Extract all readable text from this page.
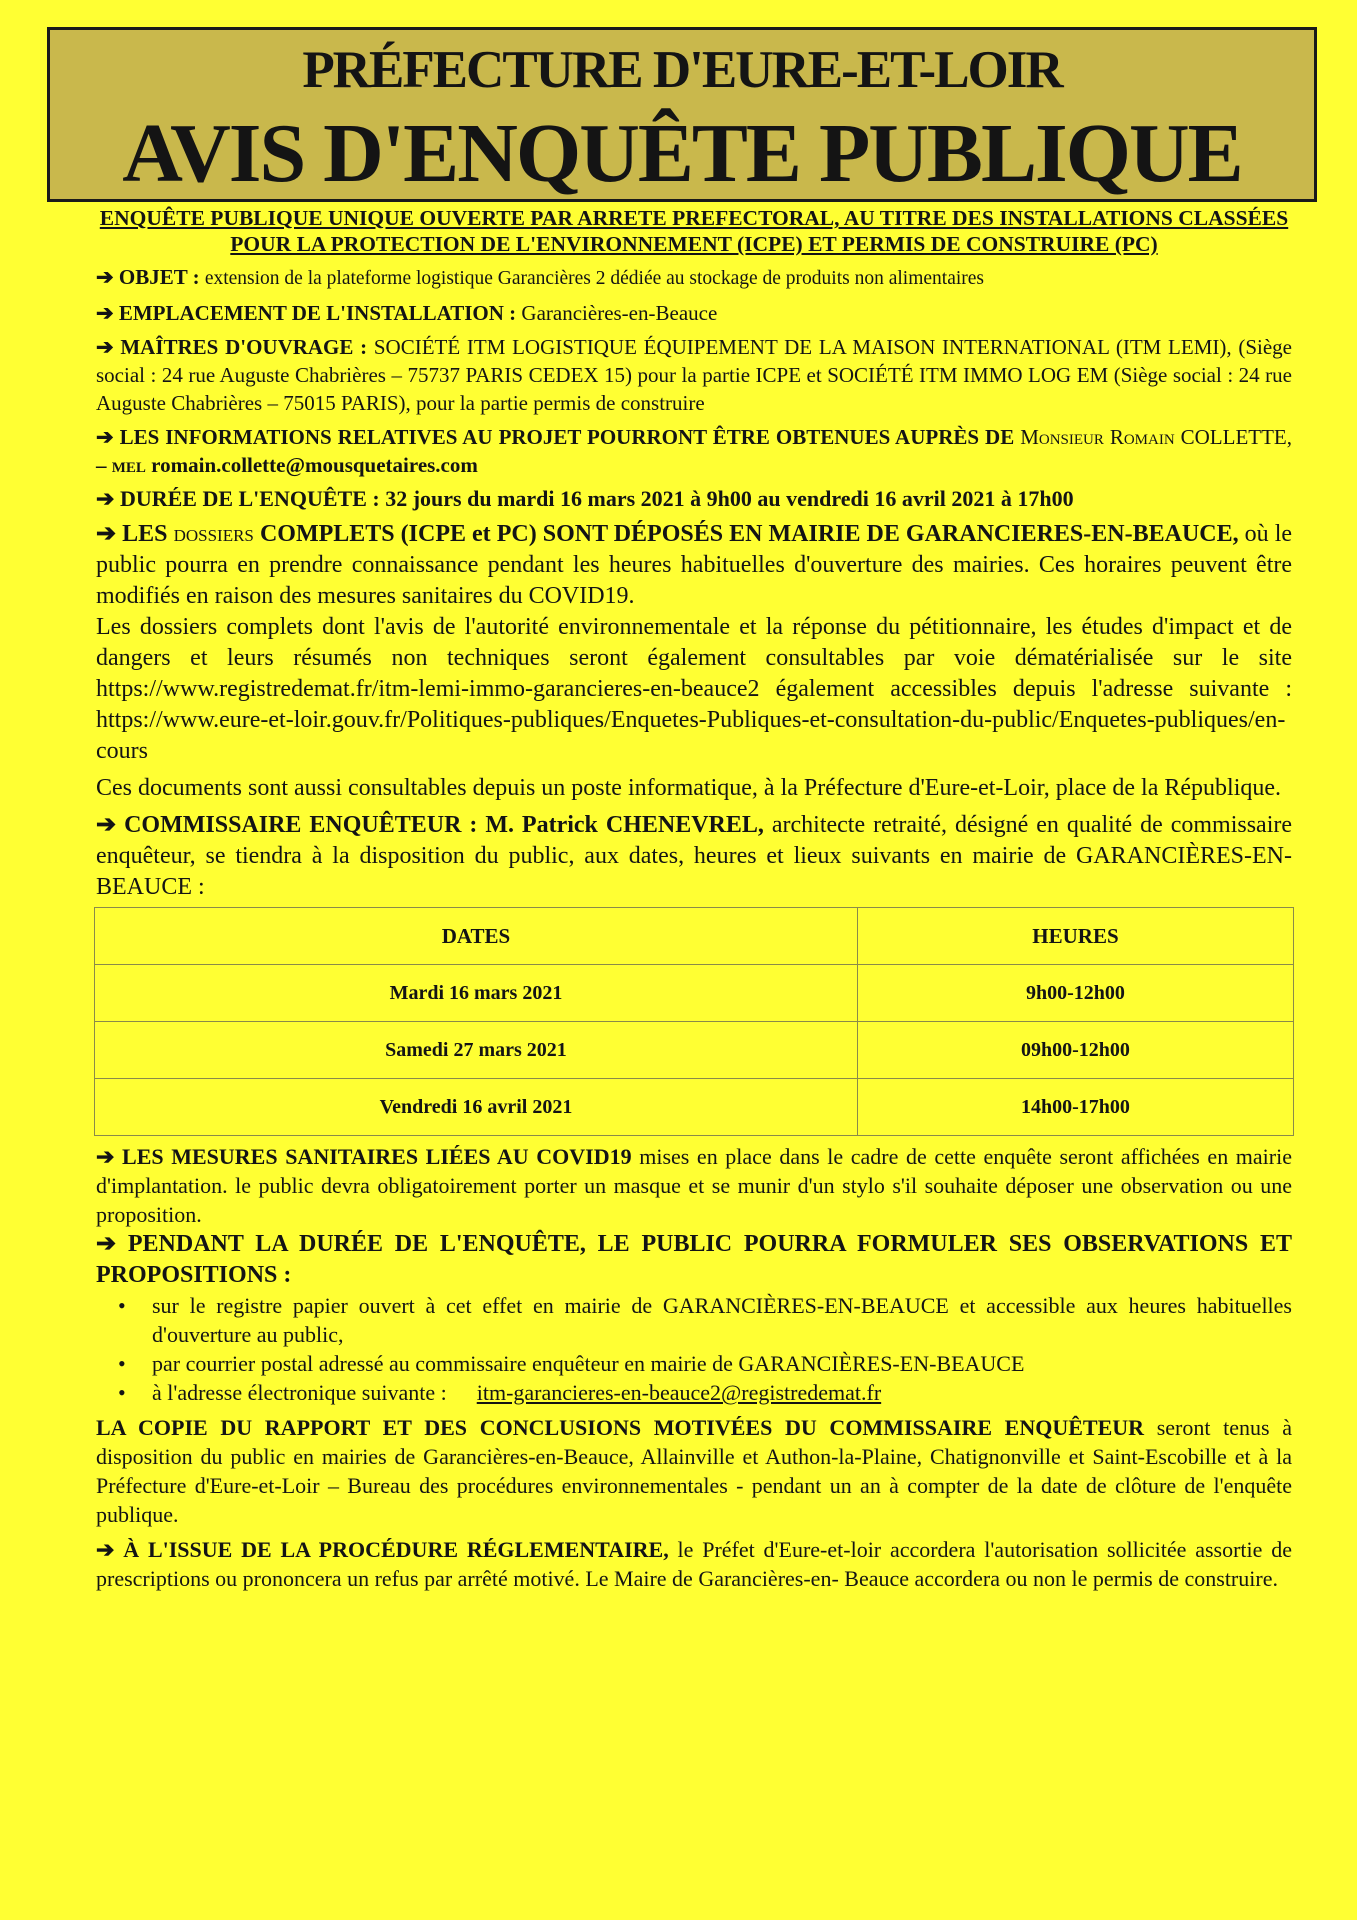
PRÉFECTURE D'EURE-ET-LOIR
AVIS D'ENQUÊTE PUBLIQUE

ENQUÊTE PUBLIQUE UNIQUE OUVERTE PAR ARRETE PREFECTORAL, AU TITRE DES INSTALLATIONS CLASSÉES POUR LA PROTECTION DE L'ENVIRONNEMENT (ICPE) ET PERMIS DE CONSTRUIRE (PC)

➔ OBJET : extension de la plateforme logistique Garancières 2 dédiée au stockage de produits non alimentaires

➔ EMPLACEMENT DE L'INSTALLATION : Garancières-en-Beauce

➔ MAÎTRES D'OUVRAGE : SOCIÉTÉ ITM LOGISTIQUE ÉQUIPEMENT DE LA MAISON INTERNATIONAL (ITM LEMI), (Siège social : 24 rue Auguste Chabrières – 75737 PARIS CEDEX 15) pour la partie ICPE et SOCIÉTÉ ITM IMMO LOG EM (Siège social : 24 rue Auguste Chabrières – 75015 PARIS), pour la partie permis de construire

➔ LES INFORMATIONS RELATIVES AU PROJET POURRONT ÊTRE OBTENUES AUPRÈS DE Monsieur Romain COLLETTE, – mel romain.collette@mousquetaires.com

➔ DURÉE DE L'ENQUÊTE : 32 jours du mardi 16 mars 2021 à 9h00 au vendredi 16 avril 2021 à 17h00

➔ LES dossiers COMPLETS (ICPE et PC) SONT DÉPOSÉS EN MAIRIE DE GARANCIERES-EN-BEAUCE, où le public pourra en prendre connaissance pendant les heures habituelles d'ouverture des mairies. Ces horaires peuvent être modifiés en raison des mesures sanitaires du COVID19.

Les dossiers complets dont l'avis de l'autorité environnementale et la réponse du pétitionnaire, les études d'impact et de dangers et leurs résumés non techniques seront également consultables par voie dématérialisée sur le site https://www.registredemat.fr/itm-lemi-immo-garancieres-en-beauce2 également accessibles depuis l'adresse suivante : https://www.eure-et-loir.gouv.fr/Politiques-publiques/Enquetes-Publiques-et-consultation-du-public/Enquetes-publiques/en-cours

Ces documents sont aussi consultables depuis un poste informatique, à la Préfecture d'Eure-et-Loir, place de la République.

➔ COMMISSAIRE ENQUÊTEUR : M. Patrick CHENEVREL, architecte retraité, désigné en qualité de commissaire enquêteur, se tiendra à la disposition du public, aux dates, heures et lieux suivants en mairie de GARANCIÈRES-EN-BEAUCE :

DATES	HEURES
Mardi 16 mars 2021	9h00-12h00
Samedi 27 mars 2021	09h00-12h00
Vendredi 16 avril 2021	14h00-17h00

➔ LES MESURES SANITAIRES LIÉES AU COVID19 mises en place dans le cadre de cette enquête seront affichées en mairie d'implantation. le public devra obligatoirement porter un masque et se munir d'un stylo s'il souhaite déposer une observation ou une proposition.

➔ PENDANT LA DURÉE DE L'ENQUÊTE, LE PUBLIC POURRA FORMULER SES OBSERVATIONS ET PROPOSITIONS :

• sur le registre papier ouvert à cet effet en mairie de GARANCIÈRES-EN-BEAUCE et accessible aux heures habituelles d'ouverture au public,
• par courrier postal adressé au commissaire enquêteur en mairie de GARANCIÈRES-EN-BEAUCE
• à l'adresse électronique suivante : itm-garancieres-en-beauce2@registredemat.fr

LA COPIE DU RAPPORT ET DES CONCLUSIONS MOTIVÉES DU COMMISSAIRE ENQUÊTEUR seront tenus à disposition du public en mairies de Garancières-en-Beauce, Allainville et Authon-la-Plaine, Chatignonville et Saint-Escobille et à la Préfecture d'Eure-et-Loir – Bureau des procédures environnementales - pendant un an à compter de la date de clôture de l'enquête publique.

➔ À L'ISSUE DE LA PROCÉDURE RÉGLEMENTAIRE, le Préfet d'Eure-et-loir accordera l'autorisation sollicitée assortie de prescriptions ou prononcera un refus par arrêté motivé. Le Maire de Garancières-en- Beauce accordera ou non le permis de construire.
